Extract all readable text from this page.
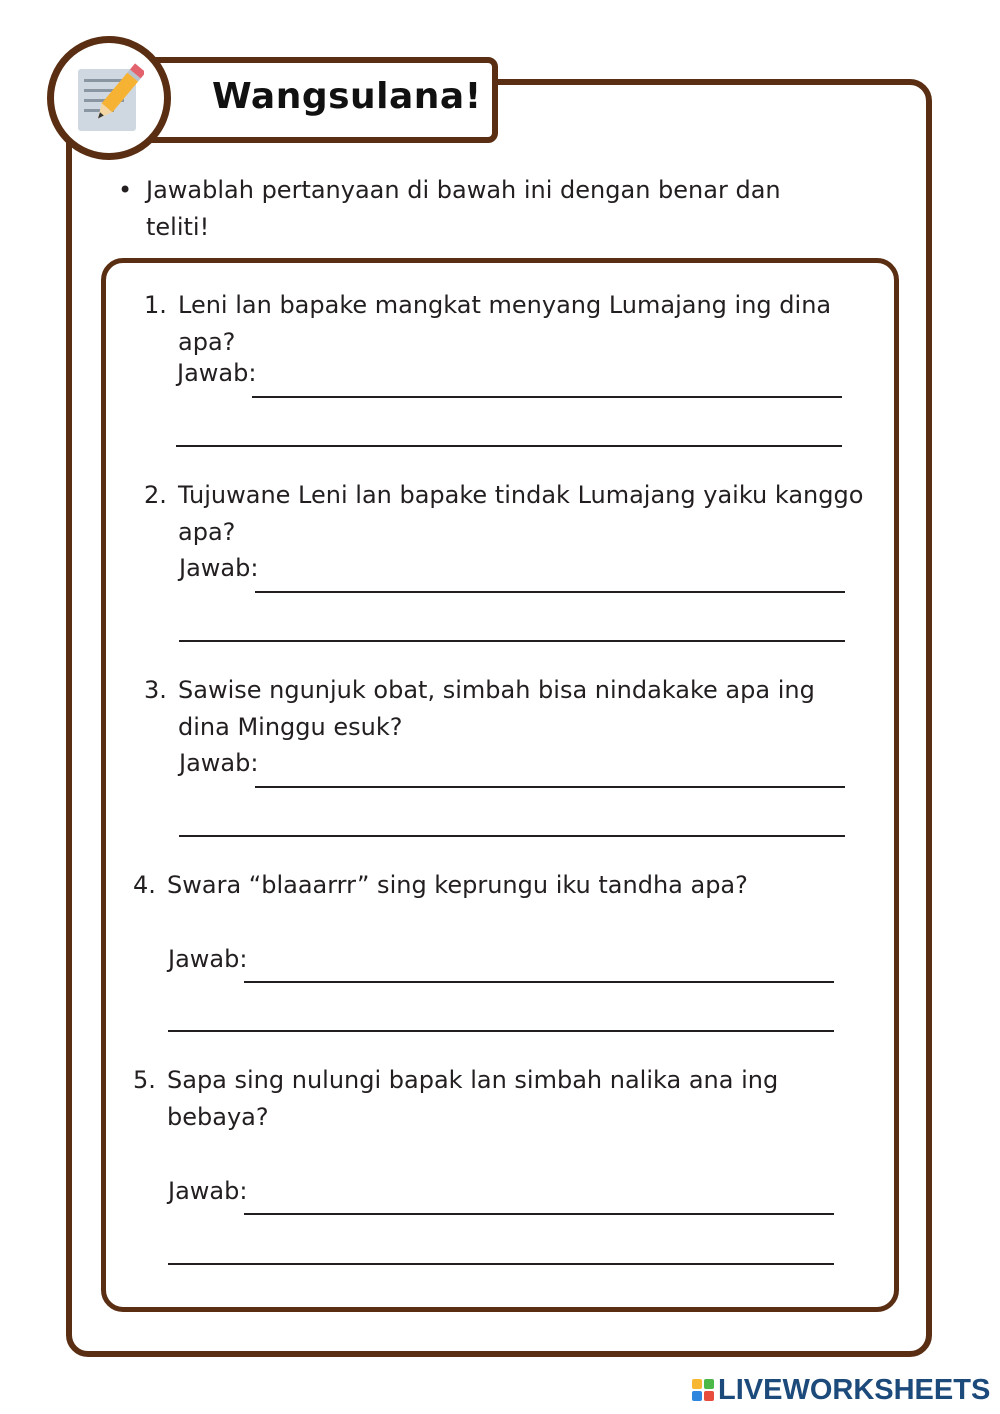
Wangsulana!
• Jawablah pertanyaan di bawah ini dengan benar dan teliti!
1. Leni lan bapake mangkat menyang Lumajang ing dina apa?
Jawab:
2. Tujuwane Leni lan bapake tindak Lumajang yaiku kanggo apa?
Jawab:
3. Sawise ngunjuk obat, simbah bisa nindakake apa ing dina Minggu esuk?
Jawab:
4. Swara “blaaarrr” sing keprungu iku tandha apa?
Jawab:
5. Sapa sing nulungi bapak lan simbah nalika ana ing bebaya?
Jawab:
LIVEWORKSHEETS
